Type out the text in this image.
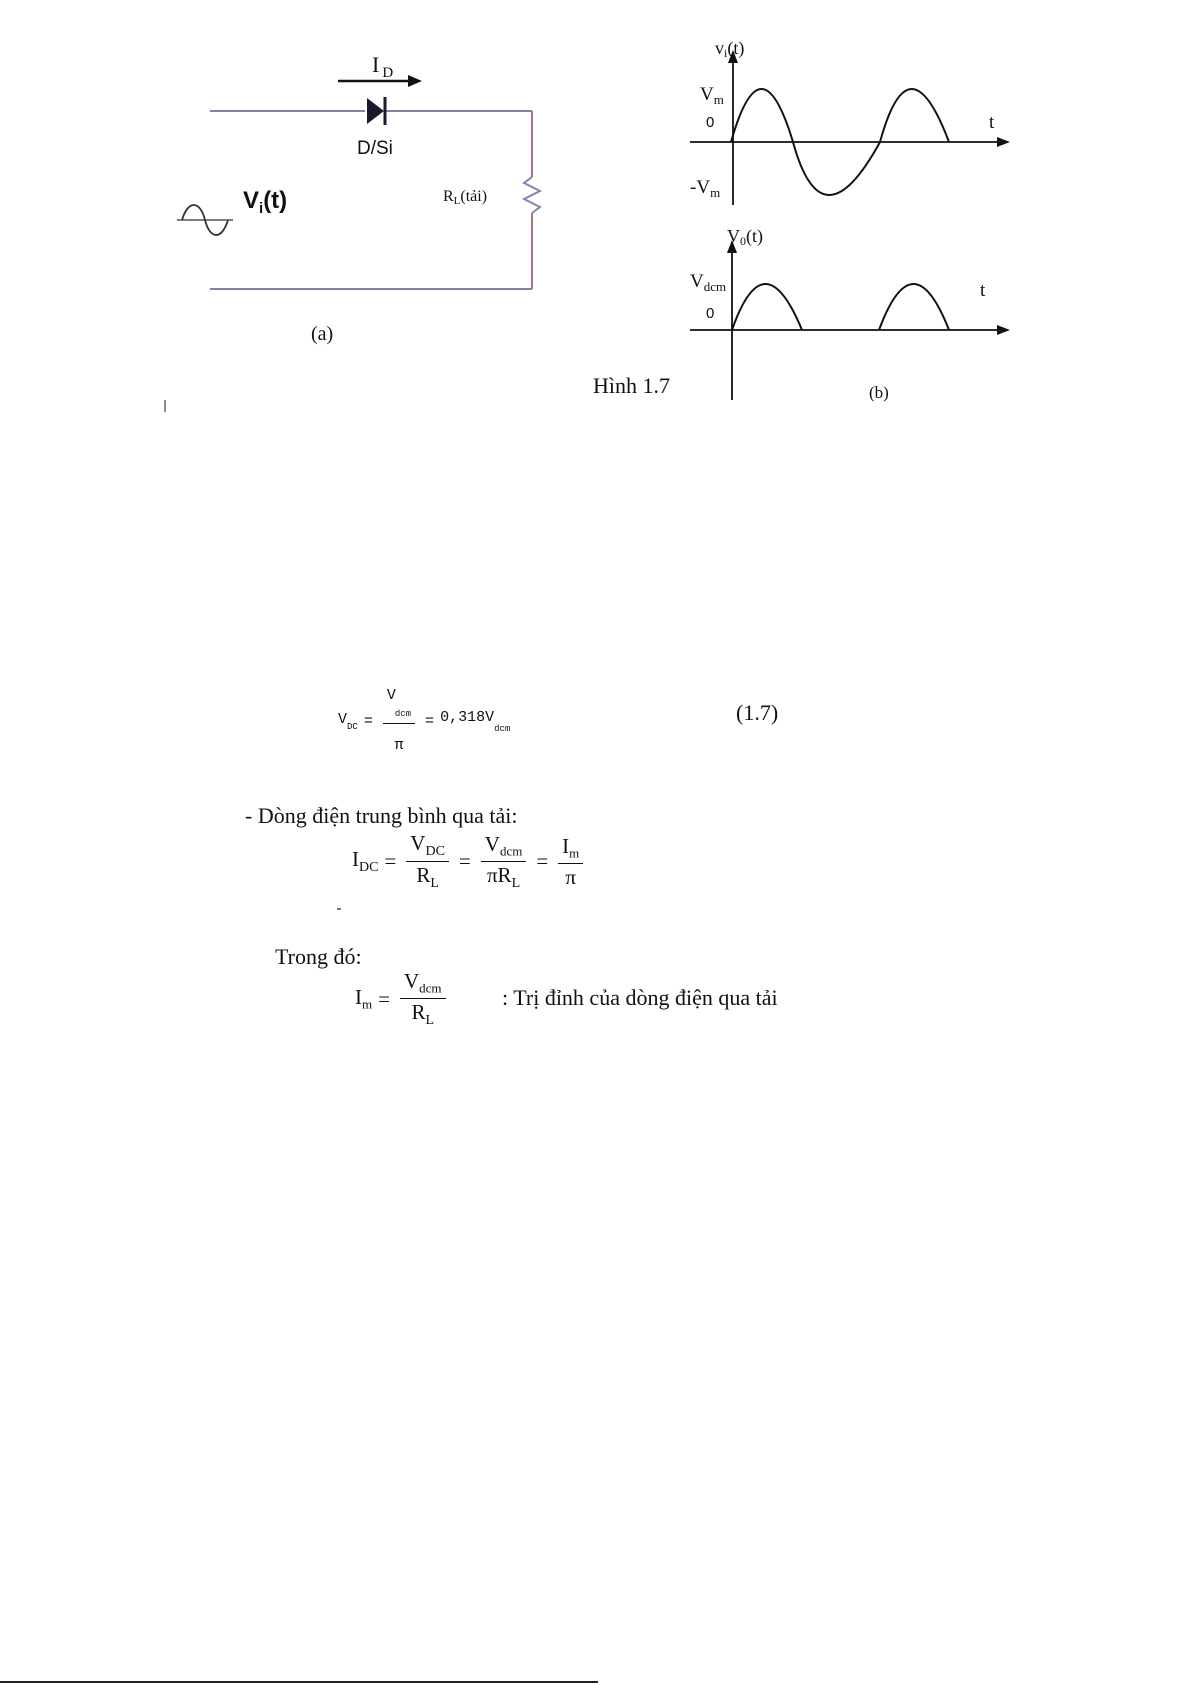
I $_D$
D/Si
$V_i(t)$	$R_L(tải)$
(a)
$v_i(t)$
$V_m$
0
$-V_m$
t
$V_0(t)$
$V_{dcm}$
0
t
(b)
Hình 1.7
$V_{DC}$ =
V
dcm
π
= $0,318V_{dcm}$
(1.7)
- Dòng điện trung bình qua tải:
$I_{DC} = \frac{V_{DC}}{R_L} = \frac{V_{dcm}}{\pi R_L} = \frac{I_m}{\pi}$
Trong đó:
$I_m = \frac{V_{dcm}}{R_L}$	: Trị đỉnh của dòng điện qua tải
